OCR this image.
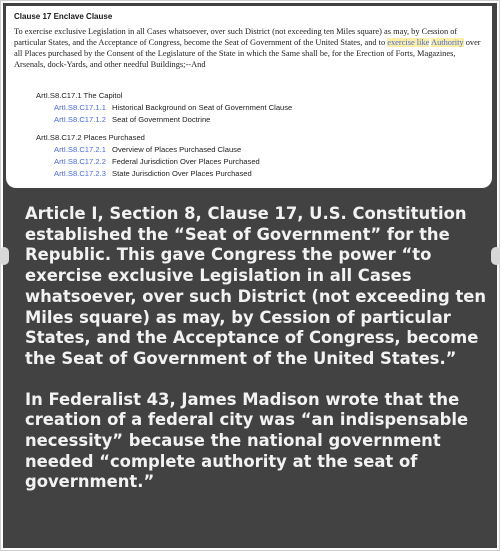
Clause 17 Enclave Clause
To exercise exclusive Legislation in all Cases whatsoever, over such District (not exceeding ten Miles square) as may, by Cession of particular States, and the Acceptance of Congress, become the Seat of Government of the United States, and to exercise like Authority over all Places purchased by the Consent of the Legislature of the State in which the Same shall be, for the Erection of Forts, Magazines, Arsenals, dock-Yards, and other needful Buildings;--And
ArtI.S8.C17.1 The Capitol
ArtI.S8.C17.1.1 Historical Background on Seat of Government Clause
ArtI.S8.C17.1.2 Seat of Government Doctrine
ArtI.S8.C17.2 Places Purchased
ArtI.S8.C17.2.1 Overview of Places Purchased Clause
ArtI.S8.C17.2.2 Federal Jurisdiction Over Places Purchased
ArtI.S8.C17.2.3 State Jurisdiction Over Places Purchased

Article I, Section 8, Clause 17, U.S. Constitution established the “Seat of Government” for the Republic. This gave Congress the power “to exercise exclusive Legislation in all Cases whatsoever, over such District (not exceeding ten Miles square) as may, by Cession of particular States, and the Acceptance of Congress, become the Seat of Government of the United States.”

In Federalist 43, James Madison wrote that the creation of a federal city was “an indispensable necessity” because the national government needed “complete authority at the seat of government.”
